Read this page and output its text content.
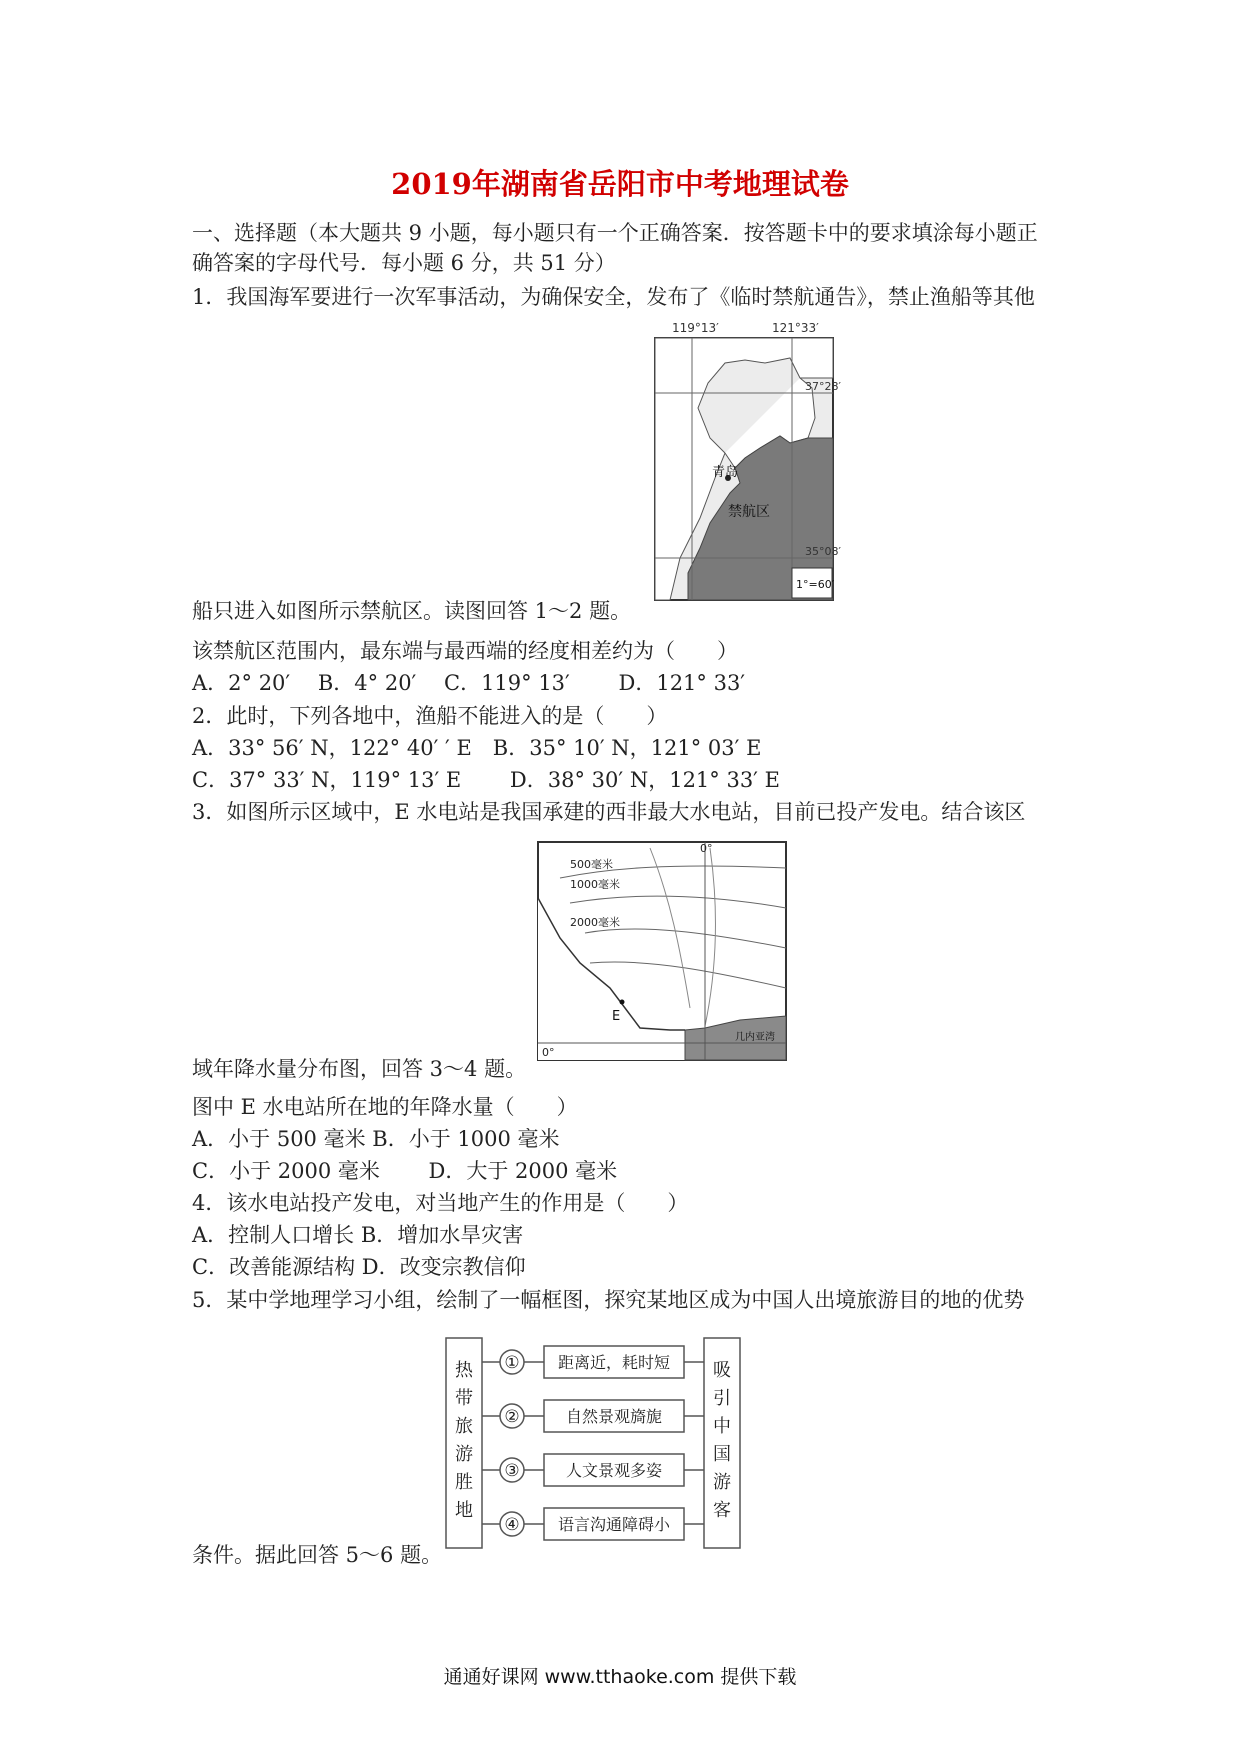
2019年湖南省岳阳市中考地理试卷
一、选择题（本大题共 9 小题，每小题只有一个正确答案．按答题卡中的要求填涂每小题正
确答案的字母代号．每小题 6 分，共 51 分）
1．我国海军要进行一次军事活动，为确保安全，发布了《临时禁航通告》，禁止渔船等其他
119°13′	121°33′
37°28′
35°08′
青岛
禁航区
1°=60′
船只进入如图所示禁航区。读图回答 1～2 题。
该禁航区范围内，最东端与最西端的经度相差约为（　　）
A．2° 20′　 B．4° 20′　 C．119° 13′　　 D．121° 33′
2．此时，下列各地中，渔船不能进入的是（　　）
A．33° 56′ N，122° 40′ ′ E　B．35° 10′ N，121° 03′ E
C．37° 33′ N，119° 13′ E　　 D．38° 30′ N，121° 33′ E
3．如图所示区域中，E 水电站是我国承建的西非最大水电站，目前已投产发电。结合该区
500毫米
1000毫米
2000毫米
E
0°
0°
几内亚湾
域年降水量分布图，回答 3～4 题。
图中 E 水电站所在地的年降水量（　　）
A．小于 500 毫米 B．小于 1000 毫米
C．小于 2000 毫米　　 D．大于 2000 毫米
4．该水电站投产发电，对当地产生的作用是（　　）
A．控制人口增长 B．增加水旱灾害
C．改善能源结构 D．改变宗教信仰
5．某中学地理学习小组，绘制了一幅框图，探究某地区成为中国人出境旅游目的地的优势
热
带
旅
游
胜
地
吸
引
中
国
游
客
① 距离近，耗时短
②	自然景观旖旎
③	人文景观多姿
④ 语言沟通障碍小
条件。据此回答 5～6 题。
通通好课网 www.tthaoke.com 提供下载
